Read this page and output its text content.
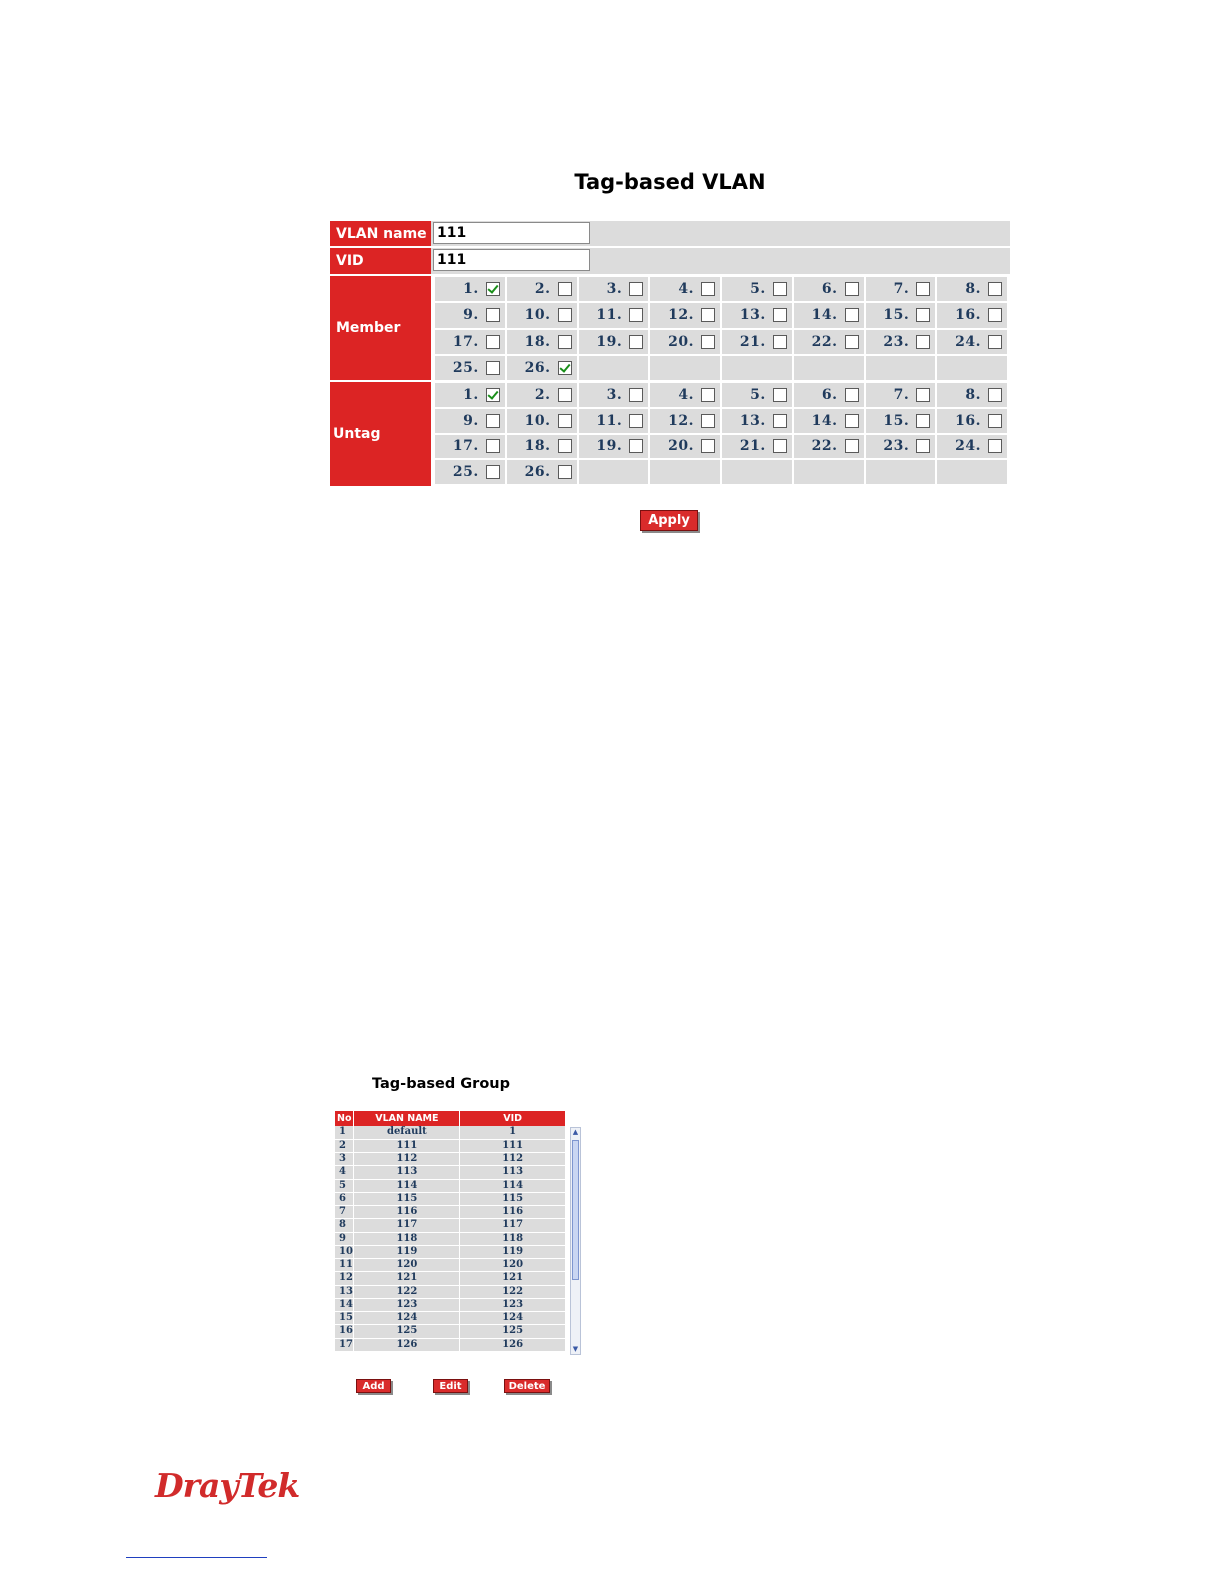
Tag-based VLAN
VLAN name
111
VID
111
Member
1.	2.	3.	4.	5.	6.	7.	8.
9.	10.	11.	12.	13.	14.	15.	16.
17.	18.	19.	20.	21.	22.	23.	24.
25.	26.
Untag
1.	2.	3.	4.	5.	6.	7.	8.
9.	10.	11.	12.	13.	14.	15.	16.
17.	18.	19.	20.	21.	22.	23.	24.
25.	26.
Apply
Tag-based Group
No	VLAN NAME	VID
1	default	1
2	111	111
3	112	112
4	113	113
5	114	114
6	115	115
7	116	116
8	117	117
9	118	118
10	119	119
11	120	120
12	121	121
13	122	122
14	123	123
15	124	124
16	125	125
17	126	126
▲
▼
Add	Edit	Delete
DrayTek
